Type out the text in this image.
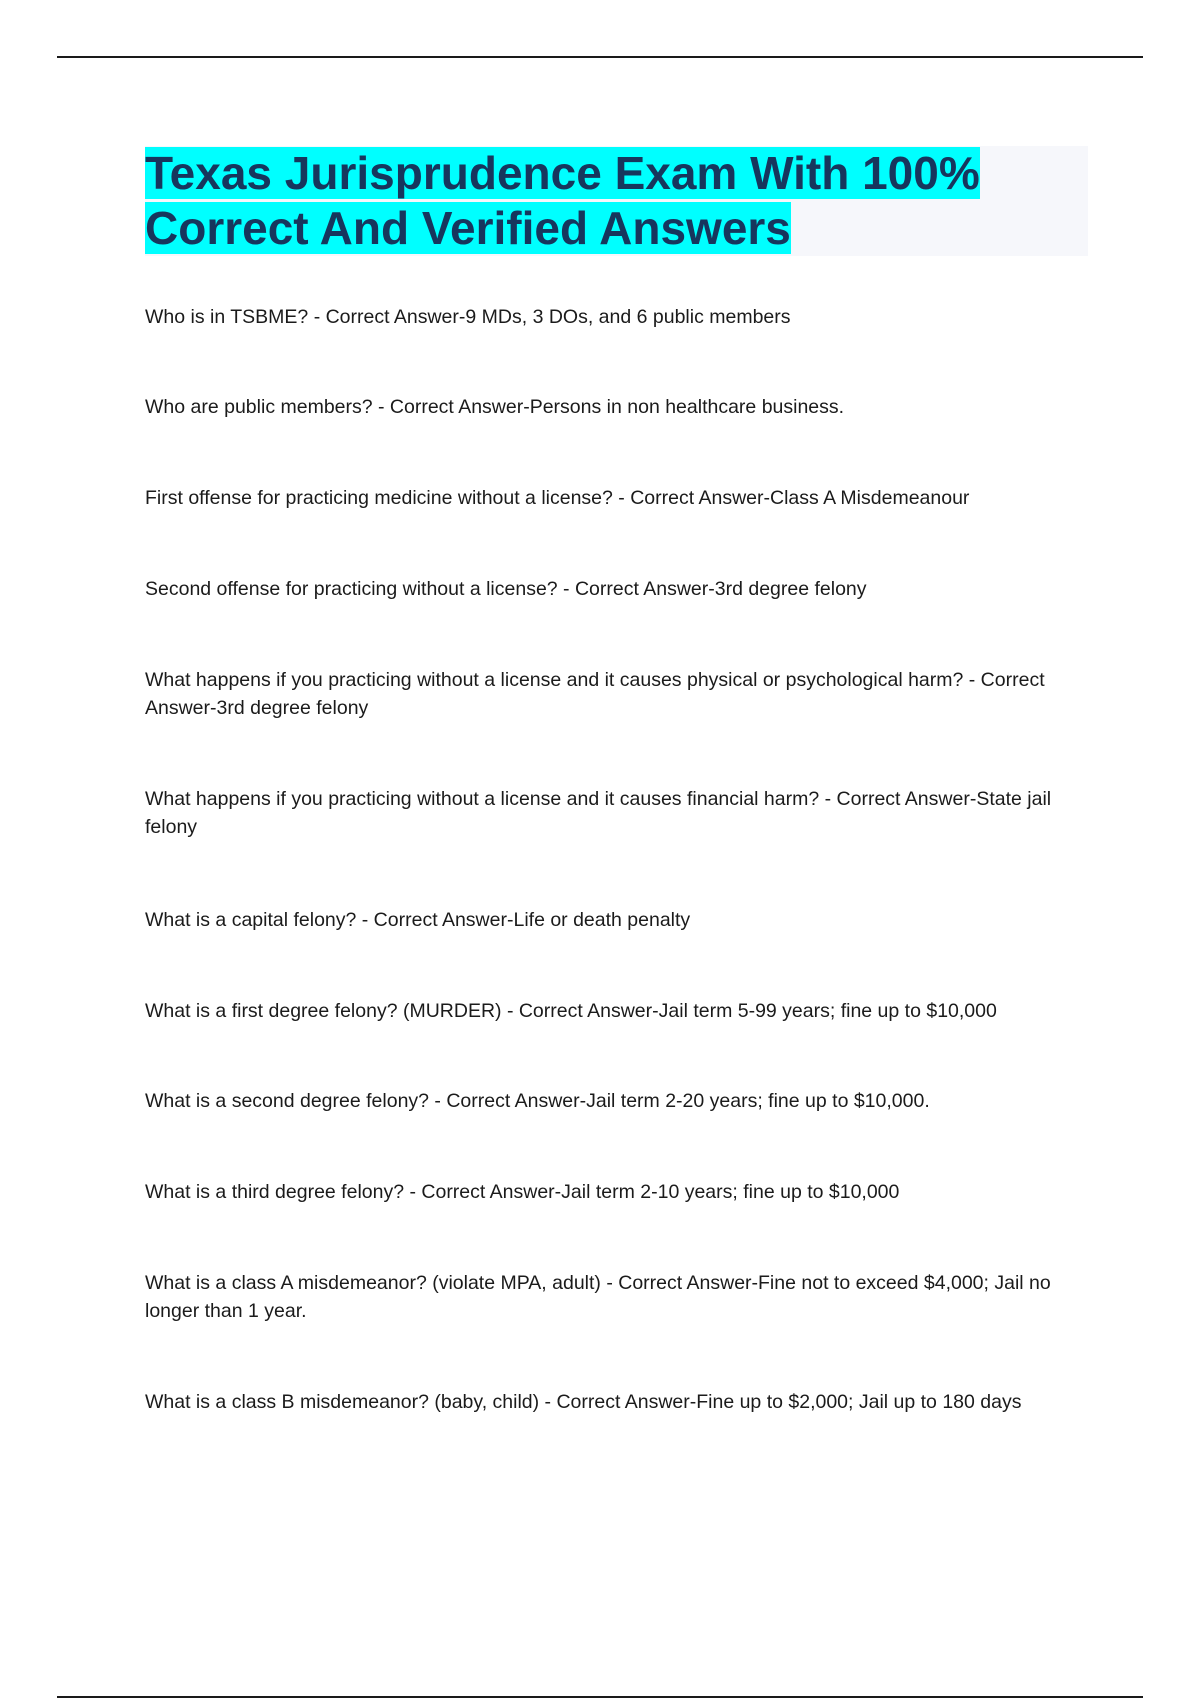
Texas Jurisprudence Exam With 100% Correct And Verified Answers

Who is in TSBME? - Correct Answer-9 MDs, 3 DOs, and 6 public members

Who are public members? - Correct Answer-Persons in non healthcare business.

First offense for practicing medicine without a license? - Correct Answer-Class A Misdemeanour

Second offense for practicing without a license? - Correct Answer-3rd degree felony

What happens if you practicing without a license and it causes physical or psychological harm? - Correct Answer-3rd degree felony

What happens if you practicing without a license and it causes financial harm? - Correct Answer-State jail felony

What is a capital felony? - Correct Answer-Life or death penalty

What is a first degree felony? (MURDER) - Correct Answer-Jail term 5-99 years; fine up to $10,000

What is a second degree felony? - Correct Answer-Jail term 2-20 years; fine up to $10,000.

What is a third degree felony? - Correct Answer-Jail term 2-10 years; fine up to $10,000

What is a class A misdemeanor? (violate MPA, adult) - Correct Answer-Fine not to exceed $4,000; Jail no longer than 1 year.

What is a class B misdemeanor? (baby, child) - Correct Answer-Fine up to $2,000; Jail up to 180 days
